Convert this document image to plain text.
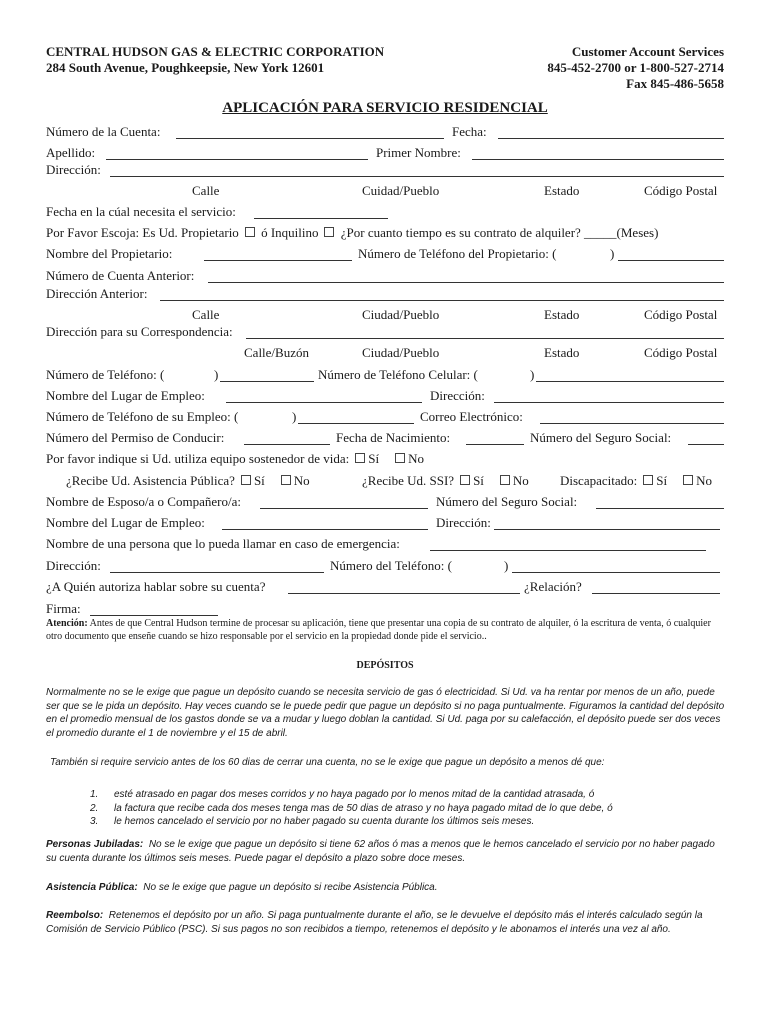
CENTRAL HUDSON GAS & ELECTRIC CORPORATION
284 South Avenue, Poughkeepsie, New York 12601
Customer Account Services
845-452-2700 or 1-800-527-2714
Fax 845-486-5658
APLICACIÓN PARA SERVICIO RESIDENCIAL
Número de la Cuenta:	Fecha:
Apellido:	Primer Nombre:
Dirección:
Calle	Cuidad/Pueblo	Estado	Código Postal
Fecha en la cúal necesita el servicio:
Por Favor Escoja: Es Ud. Propietario ó Inquilino ¿Por cuanto tiempo es su contrato de alquiler? _____(Meses)
Nombre del Propietario:	Número de Teléfono del Propietario: (	)
Número de Cuenta Anterior:
Dirección Anterior:
Calle	Ciudad/Pueblo	Estado	Código Postal
Dirección para su Correspondencia:
Calle/Buzón	Ciudad/Pueblo	Estado	Código Postal
Número de Teléfono: (	)	Número de Teléfono Celular: (	)
Nombre del Lugar de Empleo:	Dirección:
Número de Teléfono de su Empleo: (	)	Correo Electrónico:
Número del Permiso de Conducir:	Fecha de Nacimiento:	Número del Seguro Social:
Por favor indique si Ud. utiliza equipo sostenedor de vida: Sí No
¿Recibe Ud. Asistencia Pública? Sí No	¿Recibe Ud. SSI? Sí No Discapacitado: Sí No
Nombre de Esposo/a o Compañero/a:	Número del Seguro Social:
Nombre del Lugar de Empleo:	Dirección:
Nombre de una persona que lo pueda llamar en caso de emergencia:
Dirección:	Número del Teléfono: (	)
¿A Quién autoriza hablar sobre su cuenta?	¿Relación?
Firma:
Atención: Antes de que Central Hudson termine de procesar su aplicación, tiene que presentar una copia de su contrato de alquiler, ó la escritura de venta, ó cualquier otro documento que enseñe cuando se hizo responsable por el servicio en la propiedad donde pide el servicio..
DEPÓSITOS
Normalmente no se le exige que pague un depósito cuando se necesita servicio de gas ó electricidad. Si Ud. va ha rentar por menos de un año, puede ser que se le pida un depósito. Hay veces cuando se le puede pedir que pague un depósito si no paga puntualmente. Figuramos la cantidad del depósito en el promedio mensual de los gastos donde se va a mudar y luego doblan la cantidad. Si Ud. paga por su calefacción, el depósito puede ser dos veces el promedio durante el 1 de noviembre y el 15 de abril.
También si require servicio antes de los 60 dias de cerrar una cuenta, no se le exige que pague un depósito a menos dé que:
1. esté atrasado en pagar dos meses corridos y no haya pagado por lo menos mitad de la cantidad atrasada, ó
2. la factura que recibe cada dos meses tenga mas de 50 dias de atraso y no haya pagado mitad de lo que debe, ó
3. le hemos cancelado el servicio por no haber pagado su cuenta durante los últimos seis meses.
Personas Jubiladas: No se le exige que pague un depósito si tiene 62 años ó mas a menos que le hemos cancelado el servicio por no haber pagado su cuenta durante los últimos seis meses. Puede pagar el depósito a plazo sobre doce meses.
Asistencia Pública: No se le exige que pague un depósito si recibe Asistencia Pública.
Reembolso: Retenemos el depósito por un año. Si paga puntualmente durante el año, se le devuelve el depósito más el interés calculado según la Comisión de Servicio Público (PSC). Si sus pagos no son recibidos a tiempo, retenemos el depósito y le abonamos el interés una vez al año.
